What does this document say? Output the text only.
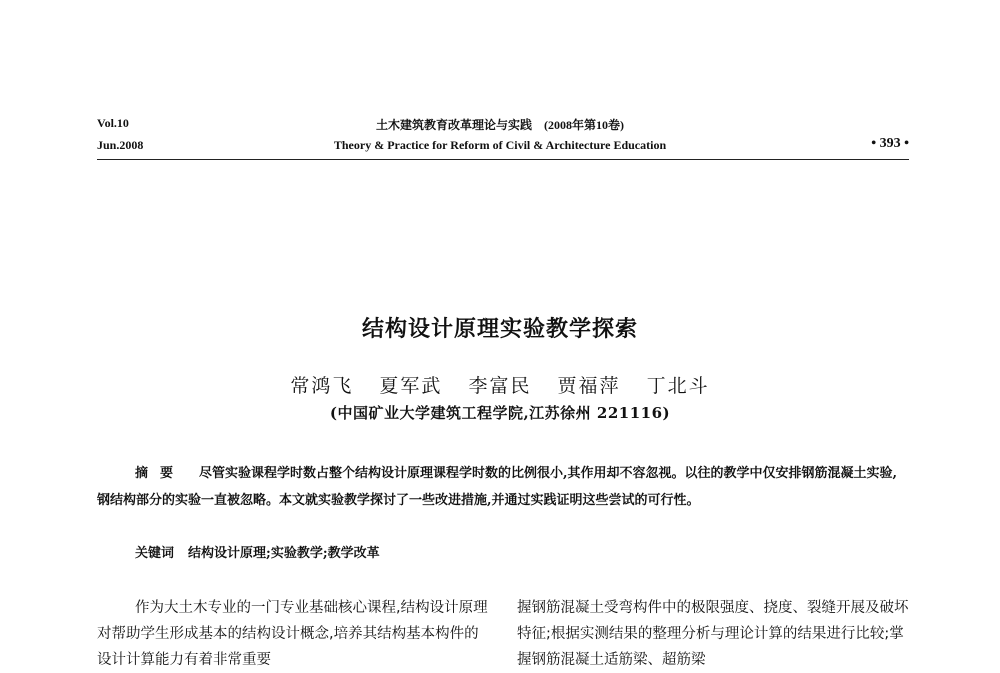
Vol.10
Jun.2008
土木建筑教育改革理论与实践　(2008年第10卷)
Theory & Practice for Reform of Civil & Architecture Education	• 393 •
结构设计原理实验教学探索
常鸿飞 夏军武 李富民 贾福萍 丁北斗
(中国矿业大学建筑工程学院,江苏徐州 221116)
摘要 尽管实验课程学时数占整个结构设计原理课程学时数的比例很小,其作用却不容忽视。以往的教学中仅安排钢筋混凝土实验,钢结构部分的实验一直被忽略。本文就实验教学探讨了一些改进措施,并通过实践证明这些尝试的可行性。
关键词 结构设计原理;实验教学;教学改革
作为大土木专业的一门专业基础核心课程,结构设计原理对帮助学生形成基本的结构设计概念,培养其结构基本构件的设计计算能力有着非常重要
握钢筋混凝土受弯构件中的极限强度、挠度、裂缝开展及破坏特征;根据实测结果的整理分析与理论计算的结果进行比较;掌握钢筋混凝土适筋梁、超筋梁
